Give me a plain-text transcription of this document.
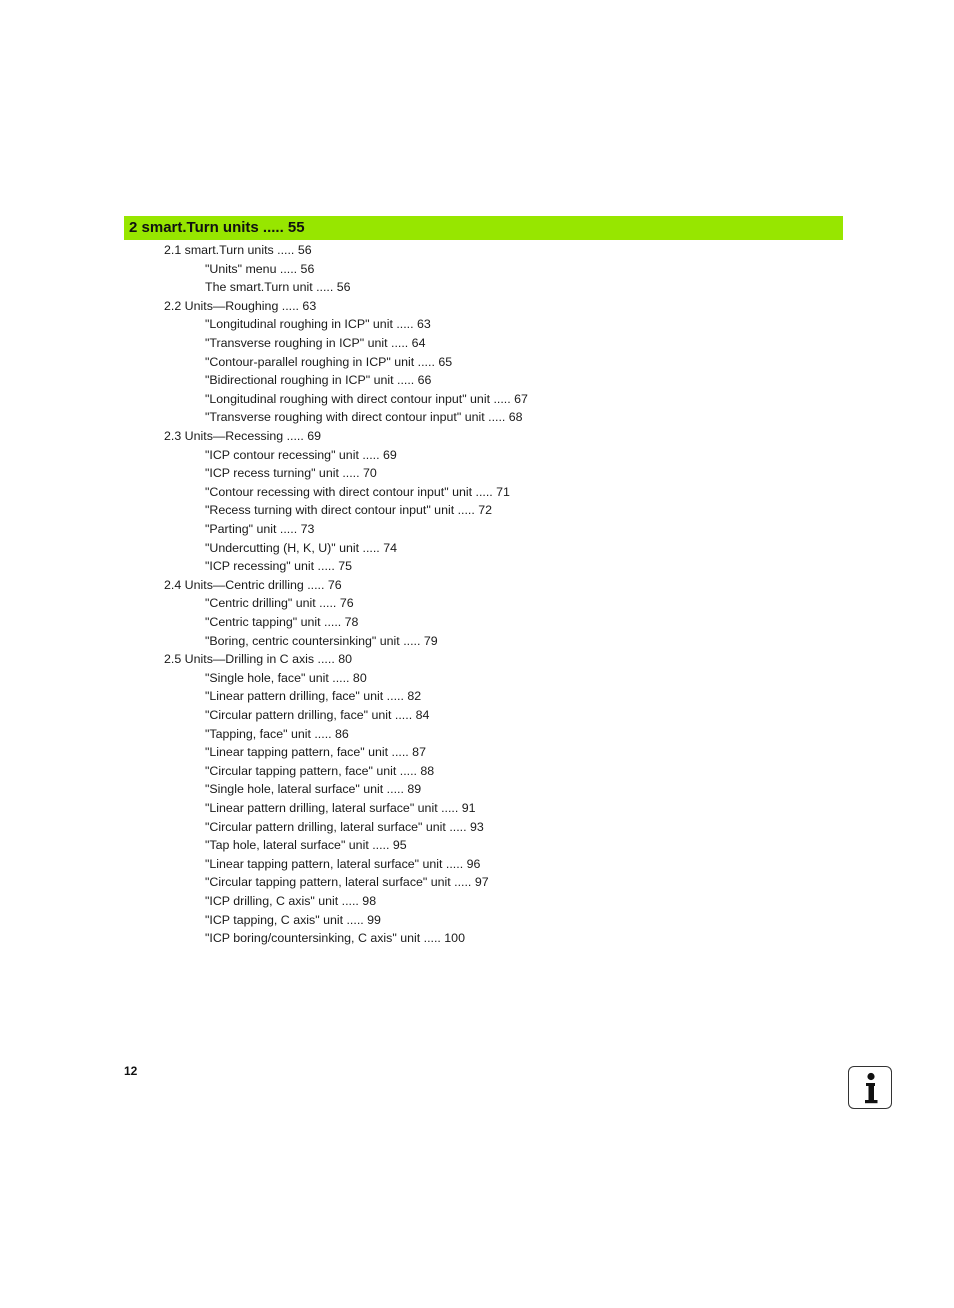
2 smart.Turn units ..... 55
2.1 smart.Turn units ..... 56
"Units" menu ..... 56
The smart.Turn unit ..... 56
2.2 Units—Roughing ..... 63
"Longitudinal roughing in ICP" unit ..... 63
"Transverse roughing in ICP" unit ..... 64
"Contour-parallel roughing in ICP" unit ..... 65
"Bidirectional roughing in ICP" unit ..... 66
"Longitudinal roughing with direct contour input" unit ..... 67
"Transverse roughing with direct contour input" unit ..... 68
2.3 Units—Recessing ..... 69
"ICP contour recessing" unit ..... 69
"ICP recess turning" unit ..... 70
"Contour recessing with direct contour input" unit ..... 71
"Recess turning with direct contour input" unit ..... 72
"Parting" unit ..... 73
"Undercutting (H, K, U)" unit ..... 74
"ICP recessing" unit ..... 75
2.4 Units—Centric drilling ..... 76
"Centric drilling" unit ..... 76
"Centric tapping" unit ..... 78
"Boring, centric countersinking" unit ..... 79
2.5 Units—Drilling in C axis ..... 80
"Single hole, face" unit ..... 80
"Linear pattern drilling, face" unit ..... 82
"Circular pattern drilling, face" unit ..... 84
"Tapping, face" unit ..... 86
"Linear tapping pattern, face" unit ..... 87
"Circular tapping pattern, face" unit ..... 88
"Single hole, lateral surface" unit ..... 89
"Linear pattern drilling, lateral surface" unit ..... 91
"Circular pattern drilling, lateral surface" unit ..... 93
"Tap hole, lateral surface" unit ..... 95
"Linear tapping pattern, lateral surface" unit ..... 96
"Circular tapping pattern, lateral surface" unit ..... 97
"ICP drilling, C axis" unit ..... 98
"ICP tapping, C axis" unit ..... 99
"ICP boring/countersinking, C axis" unit ..... 100
12
